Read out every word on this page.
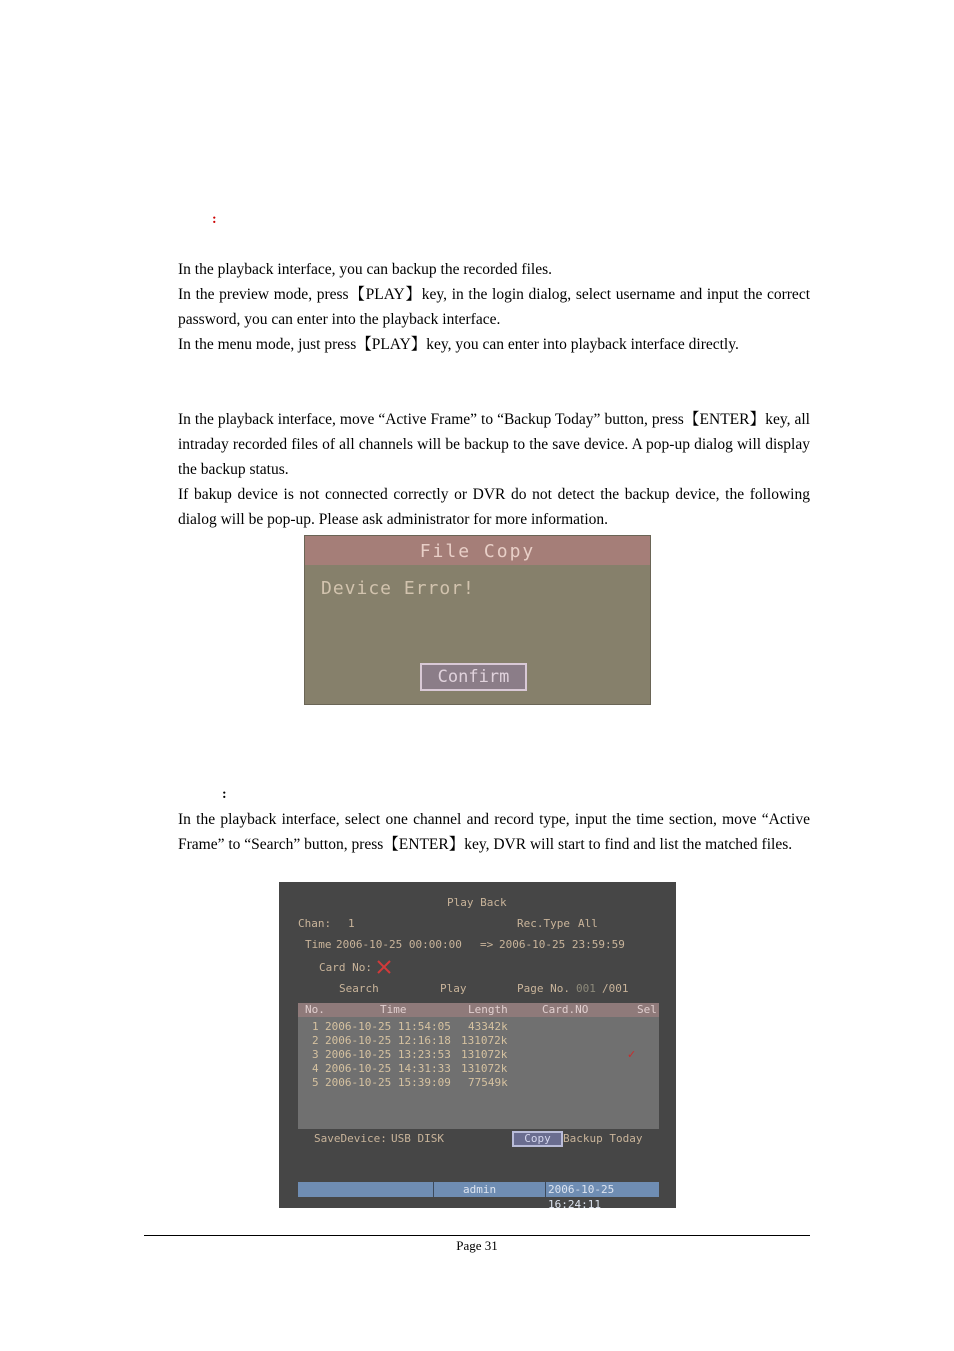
:

In the playback interface, you can backup the recorded files.

In the preview mode, press【PLAY】key, in the login dialog, select username and input the correct password, you can enter into the playback interface.

In the menu mode, just press【PLAY】key, you can enter into playback interface directly.

In the playback interface, move “Active Frame” to “Backup Today” button, press【ENTER】key, all intraday recorded files of all channels will be backup to the save device. A pop-up dialog will display the backup status.

If bakup device is not connected correctly or DVR do not detect the backup device, the following dialog will be pop-up. Please ask administrator for more information.

File Copy
Device Error!
Confirm
:

In the playback interface, select one channel and record type, input the time section, move “Active Frame” to “Search” button, press【ENTER】key, DVR will start to find and list the matched files.

Play Back
Chan: 1	Rec.Type All
Time 2006-10-25 00:00:00 => 2006-10-25 23:59:59
Card No:
Search	Play	Page No. 001 /001
No.	Time	Length	Card.NO	Sel
1 2006-10-25 11:54:05 43342k
2 2006-10-25 12:16:18 131072k
3 2006-10-25 13:23:53 131072k	✓
4 2006-10-25 14:31:33 131072k
5 2006-10-25 15:39:09 77549k
SaveDevice: USB DISK	Copy	Backup Today
admin	2006-10-25 16:24:11
Page 31
